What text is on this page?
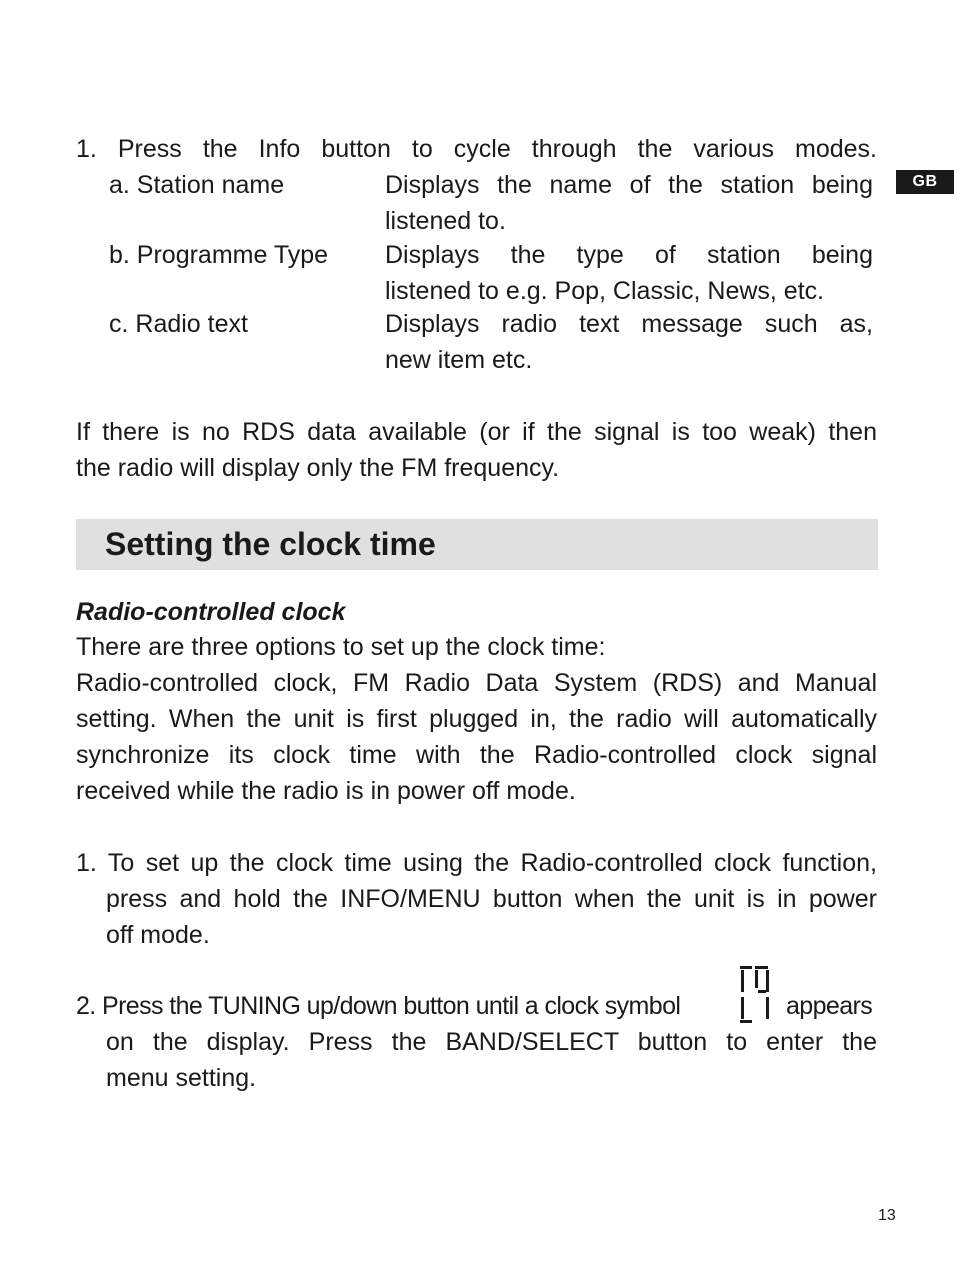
GB
1. Press the Info button to cycle through the various modes.
a. Station name	Displays the name of the station being
listened to.
b. Programme Type Displays the type of station being
listened to e.g. Pop, Classic, News, etc.
c. Radio text	Displays radio text message such as,
new item etc.
If there is no RDS data available (or if the signal is too weak) then
the radio will display only the FM frequency.
Setting the clock time
Radio-controlled clock
There are three options to set up the clock time:
Radio-controlled clock, FM Radio Data System (RDS) and Manual
setting. When the unit is first plugged in, the radio will automatically
synchronize its clock time with the Radio-controlled clock signal
received while the radio is in power off mode.
1. To set up the clock time using the Radio-controlled clock function,
press and hold the INFO/MENU button when the unit is in power
off mode.
2. Press the TUNING up/down button until a clock symbol	appears
on the display. Press the BAND/SELECT button to enter the
menu setting.
13
